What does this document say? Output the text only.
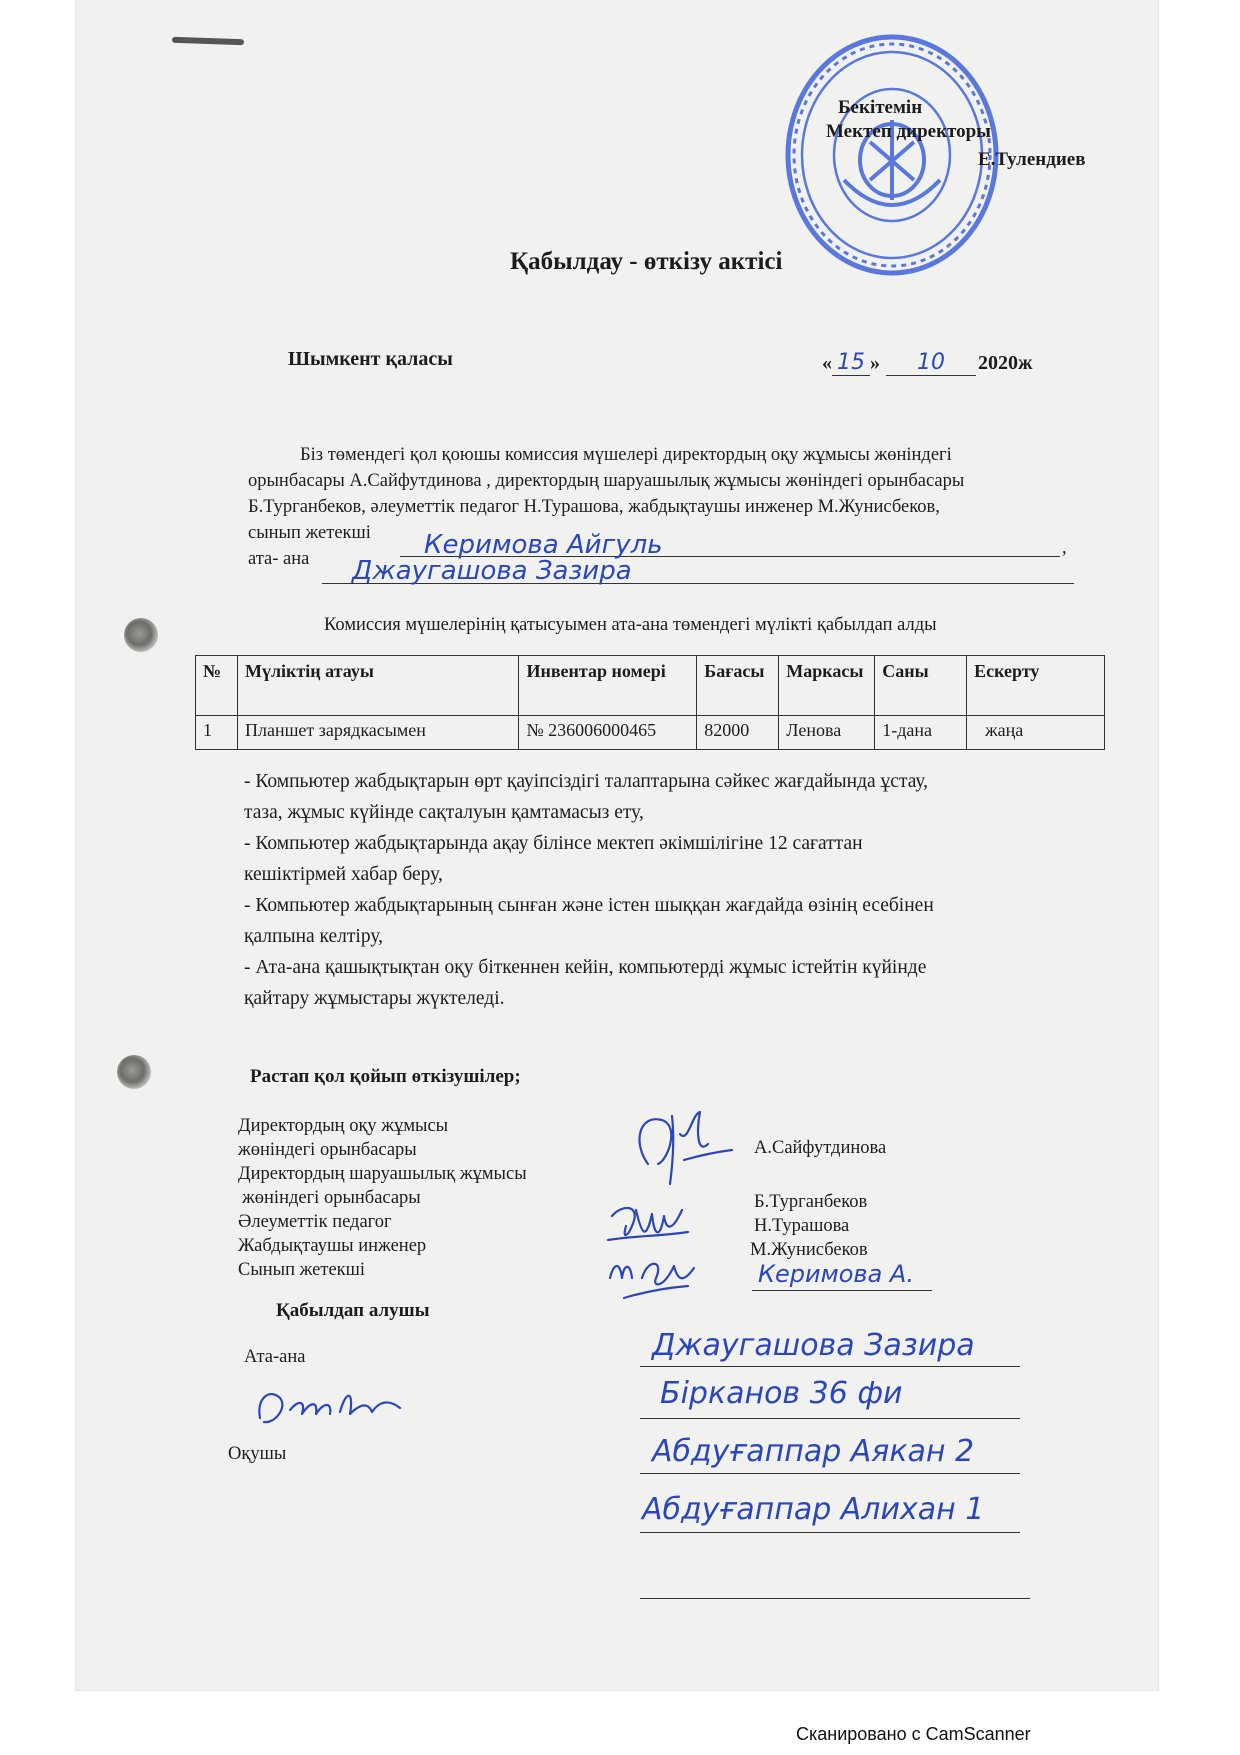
Бекітемін
Мектеп директоры
Е.Тулендиев
Қабылдау - өткізу актісі
Шымкент қаласы	« 15 » 10 2020ж

Біз төмендегі қол қоюшы комиссия мүшелері директордың оқу жұмысы жөніндегі

орынбасары А.Сайфутдинова , директордың шаруашылық жұмысы жөніндегі орынбасары

Б.Турганбеков, әлеуметтік педагог Н.Турашова, жабдықтаушы инженер М.Жунисбеков,

сынып жетекші

ата- ана

,
Керимова Айгуль
Джаугашова Зазира
Комиссия мүшелерінің қатысуымен ата-ана төмендегі мүлікті қабылдап алды
№	Мүліктің атауы	Инвентар номері	Бағасы	Маркасы	Саны	Ескерту
1	Планшет зарядкасымен	№ 236006000465	82000	Ленова	1-дана	жаңа

- Компьютер жабдықтарын өрт қауіпсіздігі талаптарына сәйкес жағдайында ұстау,

таза, жұмыс күйінде сақталуын қамтамасыз ету,

- Компьютер жабдықтарында ақау білінсе мектеп әкімшілігіне 12 сағаттан

кешіктірмей хабар беру,

- Компьютер жабдықтарының сынған және істен шыққан жағдайда өзінің есебінен

қалпына келтіру,

- Ата-ана қашықтықтан оқу біткеннен кейін, компьютерді жұмыс істейтін күйінде

қайтару жұмыстары жүктеледі.

Растап қол қойып өткізушілер;
Директордың оқу жұмысы
жөніндегі орынбасары
Директордың шаруашылық жұмысы
жөніндегі орынбасары
Әлеуметтік педагог
Жабдықтаушы инженер
Сынып жетекші
А.Сайфутдинова
Б.Турганбеков
Н.Турашова
М.Жунисбеков
Керимова А.
Қабылдап алушы
Ата-ана
Оқушы
Джаугашова Зазира
Бірканов 36 фи
Абдуғаппар Аякан 2
Абдуғаппар Алихан 1
Сканировано с CamScanner
